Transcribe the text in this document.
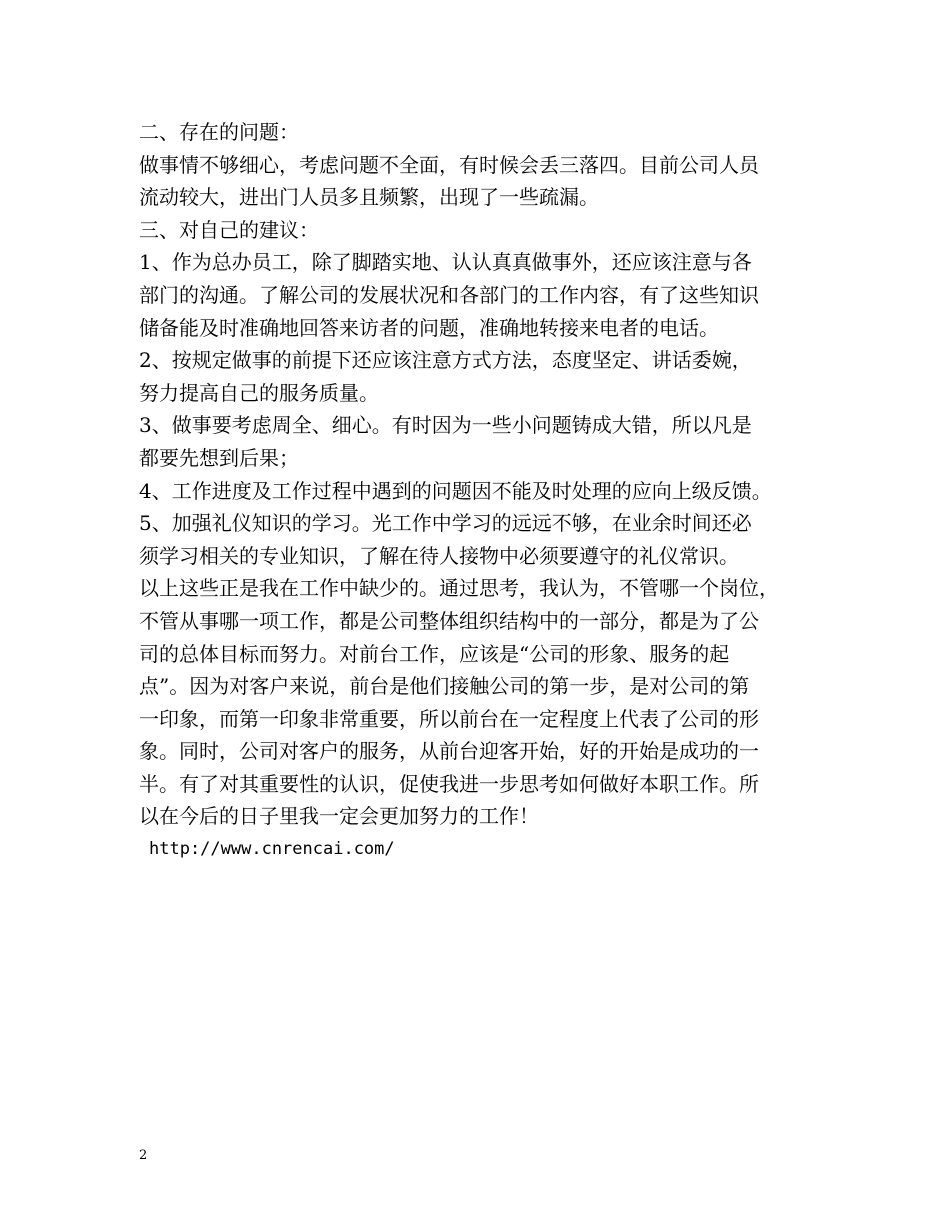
二、存在的问题：
做事情不够细心，考虑问题不全面，有时候会丢三落四。目前公司人员
流动较大，进出门人员多且频繁，出现了一些疏漏。
三、对自己的建议：
1、作为总办员工，除了脚踏实地、认认真真做事外，还应该注意与各
部门的沟通。了解公司的发展状况和各部门的工作内容，有了这些知识
储备能及时准确地回答来访者的问题，准确地转接来电者的电话。
2、按规定做事的前提下还应该注意方式方法，态度坚定、讲话委婉，
努力提高自己的服务质量。
3、做事要考虑周全、细心。有时因为一些小问题铸成大错，所以凡是
都要先想到后果；
4、工作进度及工作过程中遇到的问题因不能及时处理的应向上级反馈。
5、加强礼仪知识的学习。光工作中学习的远远不够，在业余时间还必
须学习相关的专业知识，了解在待人接物中必须要遵守的礼仪常识。
以上这些正是我在工作中缺少的。通过思考，我认为，不管哪一个岗位，
不管从事哪一项工作，都是公司整体组织结构中的一部分，都是为了公
司的总体目标而努力。对前台工作，应该是“公司的形象、服务的起
点”。因为对客户来说，前台是他们接触公司的第一步，是对公司的第
一印象，而第一印象非常重要，所以前台在一定程度上代表了公司的形
象。同时，公司对客户的服务，从前台迎客开始，好的开始是成功的一
半。有了对其重要性的认识，促使我进一步思考如何做好本职工作。所
以在今后的日子里我一定会更加努力的工作！
http://www.cnrencai.com/
2
